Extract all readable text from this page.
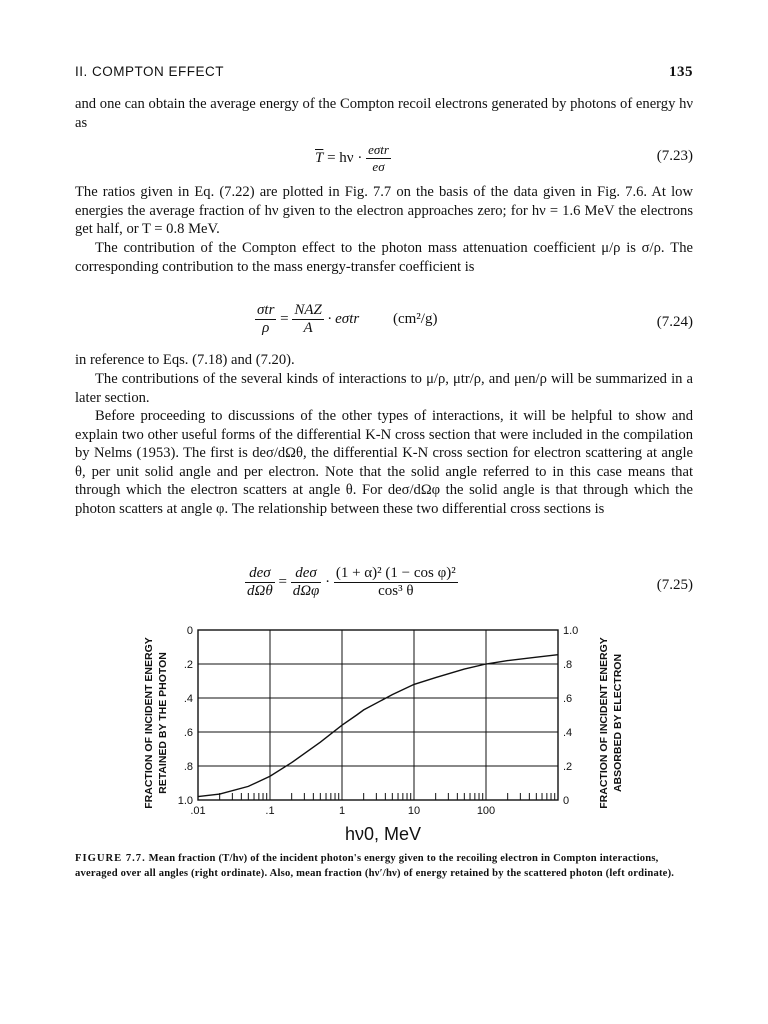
II. COMPTON EFFECT	135
and one can obtain the average energy of the Compton recoil electrons generated by photons of energy hν as
$\overline{T} = h\nu \cdot \frac{\text{eσtr}}{e\sigma}$	(7.23)
The ratios given in Eq. (7.22) are plotted in Fig. 7.7 on the basis of the data given in Fig. 7.6. At low energies the average fraction of hν given to the electron approaches zero; for hν = 1.6 MeV the electrons get half, or T = 0.8 MeV.
The contribution of the Compton effect to the photon mass attenuation coefficient μ/ρ is σ/ρ. The corresponding contribution to the mass energy-transfer coefficient is
$\frac{\text{σtr}}{\rho} = \frac{\text{NAZ}}{A} \cdot e\sigma tr$ (cm²/g)	(7.24)
in reference to Eqs. (7.18) and (7.20).
The contributions of the several kinds of interactions to μ/ρ, μtr/ρ, and μen/ρ will be summarized in a later section.
Before proceeding to discussions of the other types of interactions, it will be helpful to show and explain two other useful forms of the differential K-N cross section that were included in the compilation by Nelms (1953). The first is deσ/dΩθ, the differential K-N cross section for electron scattering at angle θ, per unit solid angle and per electron. Note that the solid angle referred to in this case means that through which the electron scatters at angle θ. For deσ/dΩφ the solid angle is that through which the photon scatters at angle φ. The relationship between these two differential cross sections is
$\frac{\text{deσ}}{\text{dΩθ}} = \frac{\text{deσ}}{\text{dΩφ}} \cdot \frac{\text{(1 + α)² (1 − cos φ)²}}{\text{cos³ θ}}$	(7.25)
.01	.1	1	10	100
0
.2
.4
.6
.8
1.0
1.0
.8
.6
.4
.2
0
FRACTION OF INCIDENT ENERGY RETAINED BY THE PHOTON	FRACTION OF INCIDENT ENERGY ABSORBED BY ELECTRON
hν0, MeV
FIGURE 7.7. Mean fraction (T/hν) of the incident photon's energy given to the recoiling electron in Compton interactions, averaged over all angles (right ordinate). Also, mean fraction (hν′/hν) of energy retained by the scattered photon (left ordinate).
